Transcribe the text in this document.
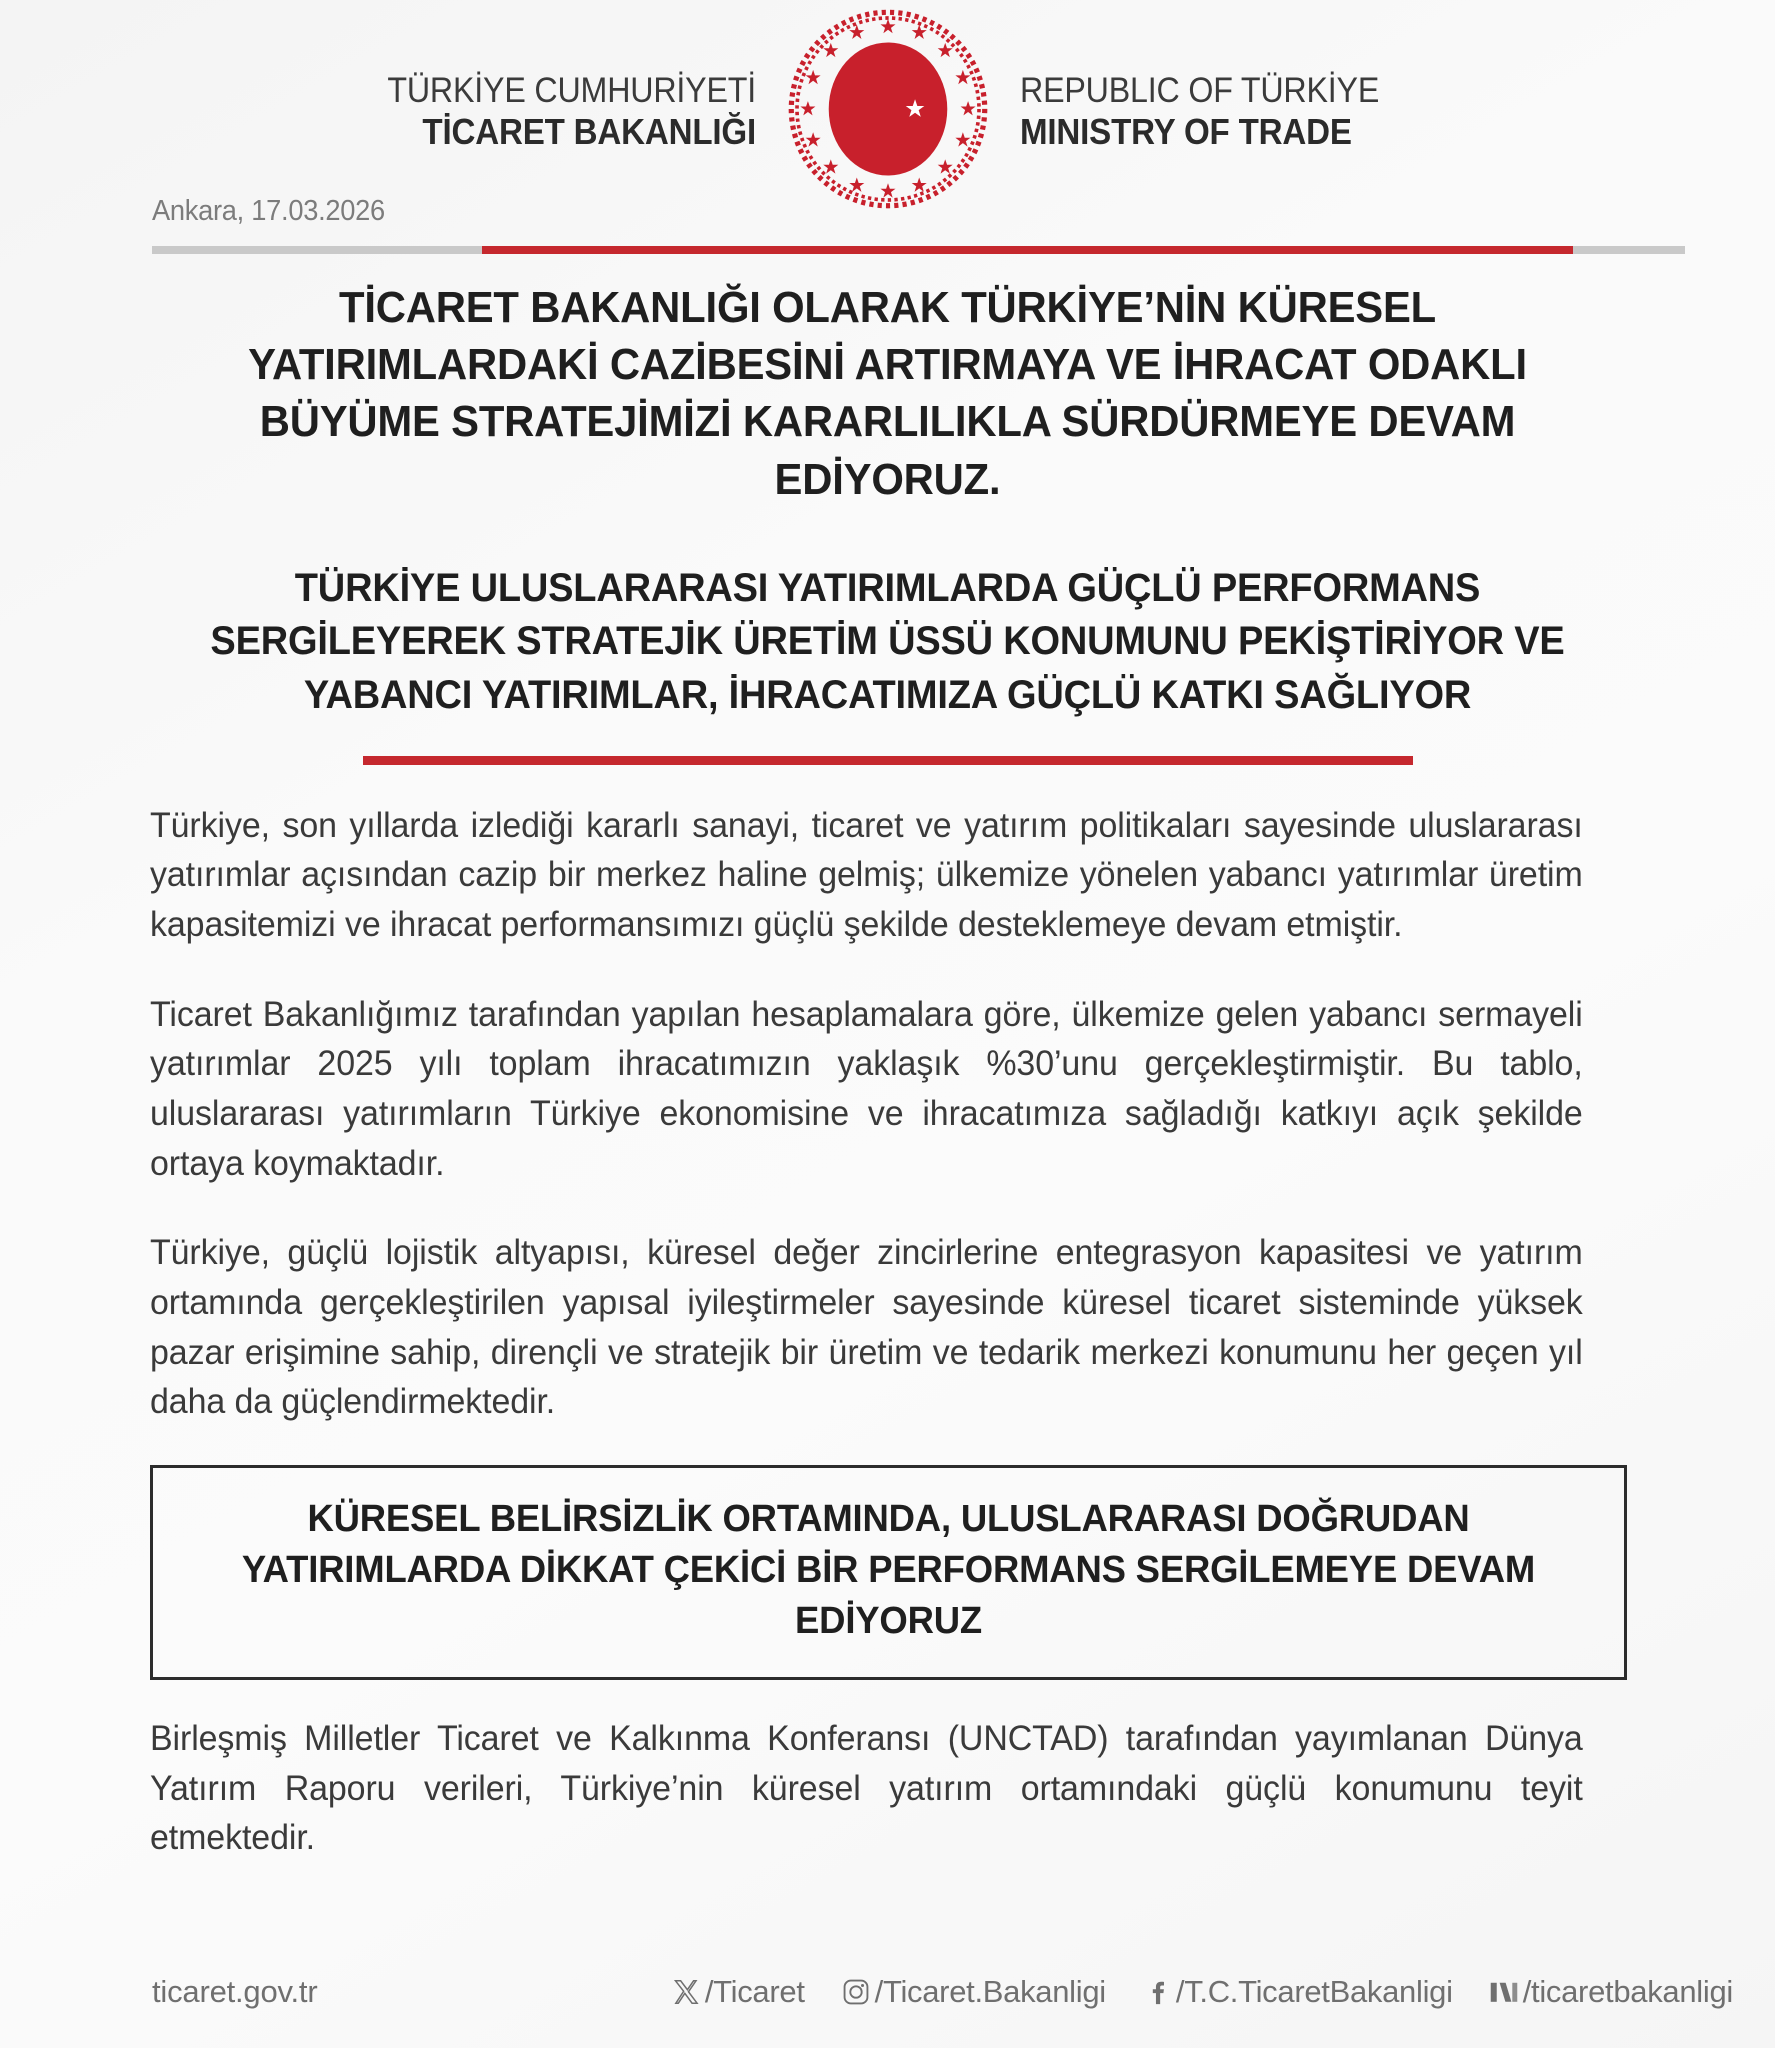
TÜRKİYE CUMHURİYETİ
TİCARET BAKANLIĞI
REPUBLIC OF TÜRKİYE
MINISTRY OF TRADE
Ankara, 17.03.2026
TİCARET BAKANLIĞI OLARAK TÜRKİYE’NİN KÜRESEL YATIRIMLARDAKİ CAZİBESİNİ ARTIRMAYA VE İHRACAT ODAKLI BÜYÜME STRATEJİMİZİ KARARLILIKLA SÜRDÜRMEYE DEVAM EDİYORUZ.
TÜRKİYE ULUSLARARASI YATIRIMLARDA GÜÇLÜ PERFORMANS SERGİLEYEREK STRATEJİK ÜRETİM ÜSSÜ KONUMUNU PEKİŞTİRİYOR VE YABANCI YATIRIMLAR, İHRACATIMIZA GÜÇLÜ KATKI SAĞLIYOR

Türkiye, son yıllarda izlediği kararlı sanayi, ticaret ve yatırım politikaları sayesinde uluslararası yatırımlar açısından cazip bir merkez haline gelmiş; ülkemize yönelen yabancı yatırımlar üretim kapasitemizi ve ihracat performansımızı güçlü şekilde desteklemeye devam etmiştir.

Ticaret Bakanlığımız tarafından yapılan hesaplamalara göre, ülkemize gelen yabancı sermayeli yatırımlar 2025 yılı toplam ihracatımızın yaklaşık %30’unu gerçekleştirmiştir. Bu tablo, uluslararası yatırımların Türkiye ekonomisine ve ihracatımıza sağladığı katkıyı açık şekilde ortaya koymaktadır.

Türkiye, güçlü lojistik altyapısı, küresel değer zincirlerine entegrasyon kapasitesi ve yatırım ortamında gerçekleştirilen yapısal iyileştirmeler sayesinde küresel ticaret sisteminde yüksek pazar erişimine sahip, dirençli ve stratejik bir üretim ve tedarik merkezi konumunu her geçen yıl daha da güçlendirmektedir.

KÜRESEL BELİRSİZLİK ORTAMINDA, ULUSLARARASI DOĞRUDAN YATIRIMLARDA DİKKAT ÇEKİCİ BİR PERFORMANS SERGİLEMEYE DEVAM EDİYORUZ

Birleşmiş Milletler Ticaret ve Kalkınma Konferansı (UNCTAD) tarafından yayımlanan Dünya Yatırım Raporu verileri, Türkiye’nin küresel yatırım ortamındaki güçlü konumunu teyit etmektedir.

ticaret.gov.tr	/Ticaret /Ticaret.Bakanligi /T.C.TicaretBakanligi /ticaretbakanligi
